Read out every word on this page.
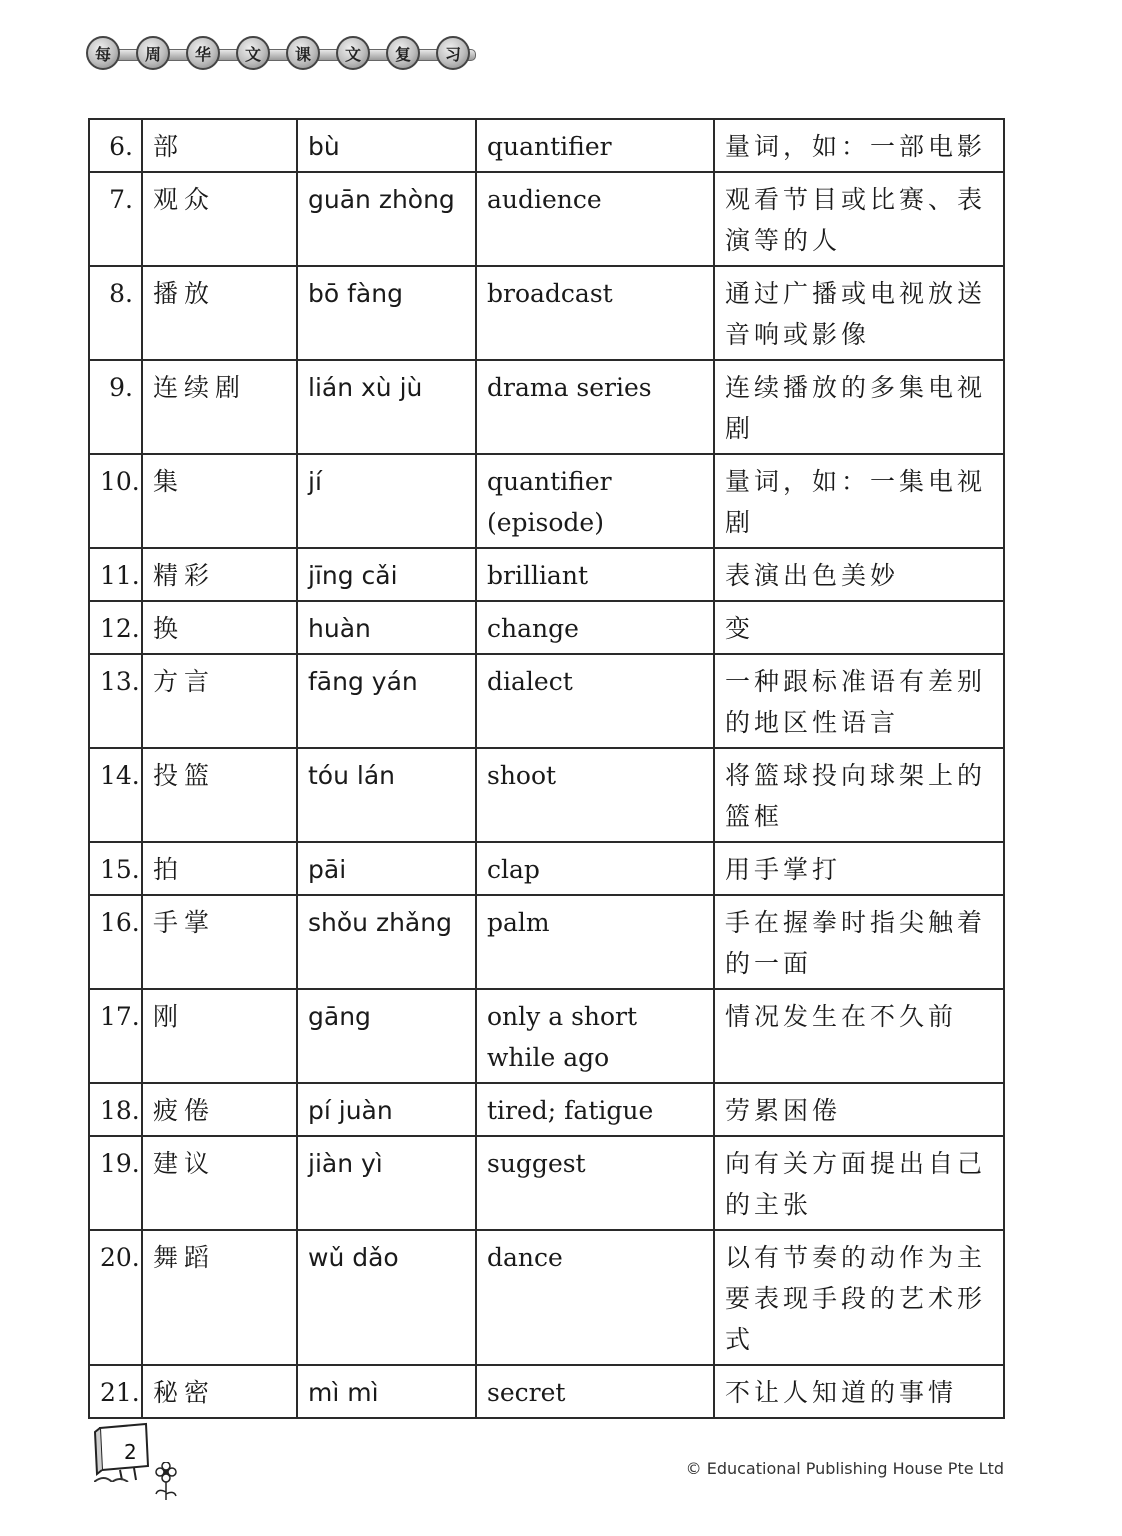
每	周	华	文	课	文	复	习
6.	部	bù	quantifier	量词，如：一部电影
7.	观众	guān zhòng	audience	观看节目或比赛、表演等的人
8.	播放	bō fàng	broadcast	通过广播或电视放送音响或影像
9.	连续剧	lián xù jù	drama series	连续播放的多集电视剧
10.	集	jí	quantifier (episode)	量词，如：一集电视剧
11.	精彩	jīng cǎi	brilliant	表演出色美妙
12.	换	huàn	change	变
13.	方言	fāng yán	dialect	一种跟标准语有差别的地区性语言
14.	投篮	tóu lán	shoot	将篮球投向球架上的篮框
15.	拍	pāi	clap	用手掌打
16.	手掌	shǒu zhǎng	palm	手在握拳时指尖触着的一面
17.	刚	gāng	only a short while ago	情况发生在不久前
18.	疲倦	pí juàn	tired; fatigue	劳累困倦
19.	建议	jiàn yì	suggest	向有关方面提出自己的主张
20.	舞蹈	wǔ dǎo	dance	以有节奏的动作为主要表现手段的艺术形式
21.	秘密	mì mì	secret	不让人知道的事情
2
© Educational Publishing House Pte Ltd
